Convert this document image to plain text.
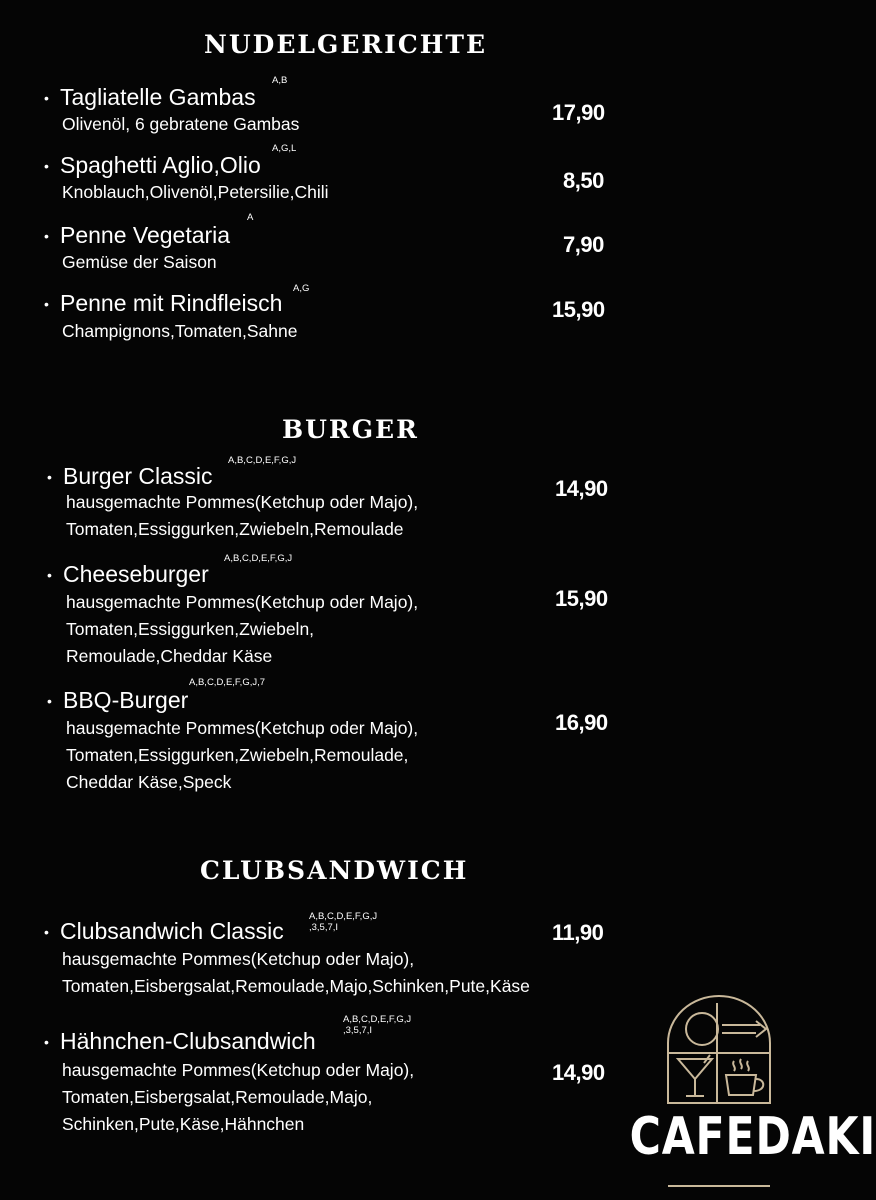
NUDELGERICHTE
• Tagliatelle Gambas
A,B
Olivenöl, 6 gebratene Gambas	17,90
• Spaghetti Aglio,Olio
A,G,L
Knoblauch,Olivenöl,Petersilie,Chili	8,50
• Penne Vegetaria
A
Gemüse der Saison
7,90
• Penne mit Rindfleisch
A,G
Champignons,Tomaten,Sahne
15,90
BURGER
• Burger Classic
A,B,C,D,E,F,G,J
hausgemachte Pommes(Ketchup oder Majo),
Tomaten,Essiggurken,Zwiebeln,Remoulade
14,90
• Cheeseburger
A,B,C,D,E,F,G,J
hausgemachte Pommes(Ketchup oder Majo),
Tomaten,Essiggurken,Zwiebeln,
Remoulade,Cheddar Käse
15,90
• BBQ-Burger
A,B,C,D,E,F,G,J,7
hausgemachte Pommes(Ketchup oder Majo),
Tomaten,Essiggurken,Zwiebeln,Remoulade,
Cheddar Käse,Speck
16,90
CLUBSANDWICH
• Clubsandwich Classic
A,B,C,D,E,F,G,J
,3,5,7,I
hausgemachte Pommes(Ketchup oder Majo),
Tomaten,Eisbergsalat,Remoulade,Majo,Schinken,Pute,Käse
11,90
• Hähnchen-Clubsandwich
A,B,C,D,E,F,G,J
,3,5,7,I
hausgemachte Pommes(Ketchup oder Majo),
Tomaten,Eisbergsalat,Remoulade,Majo,
Schinken,Pute,Käse,Hähnchen
14,90
CAFEDAKI
